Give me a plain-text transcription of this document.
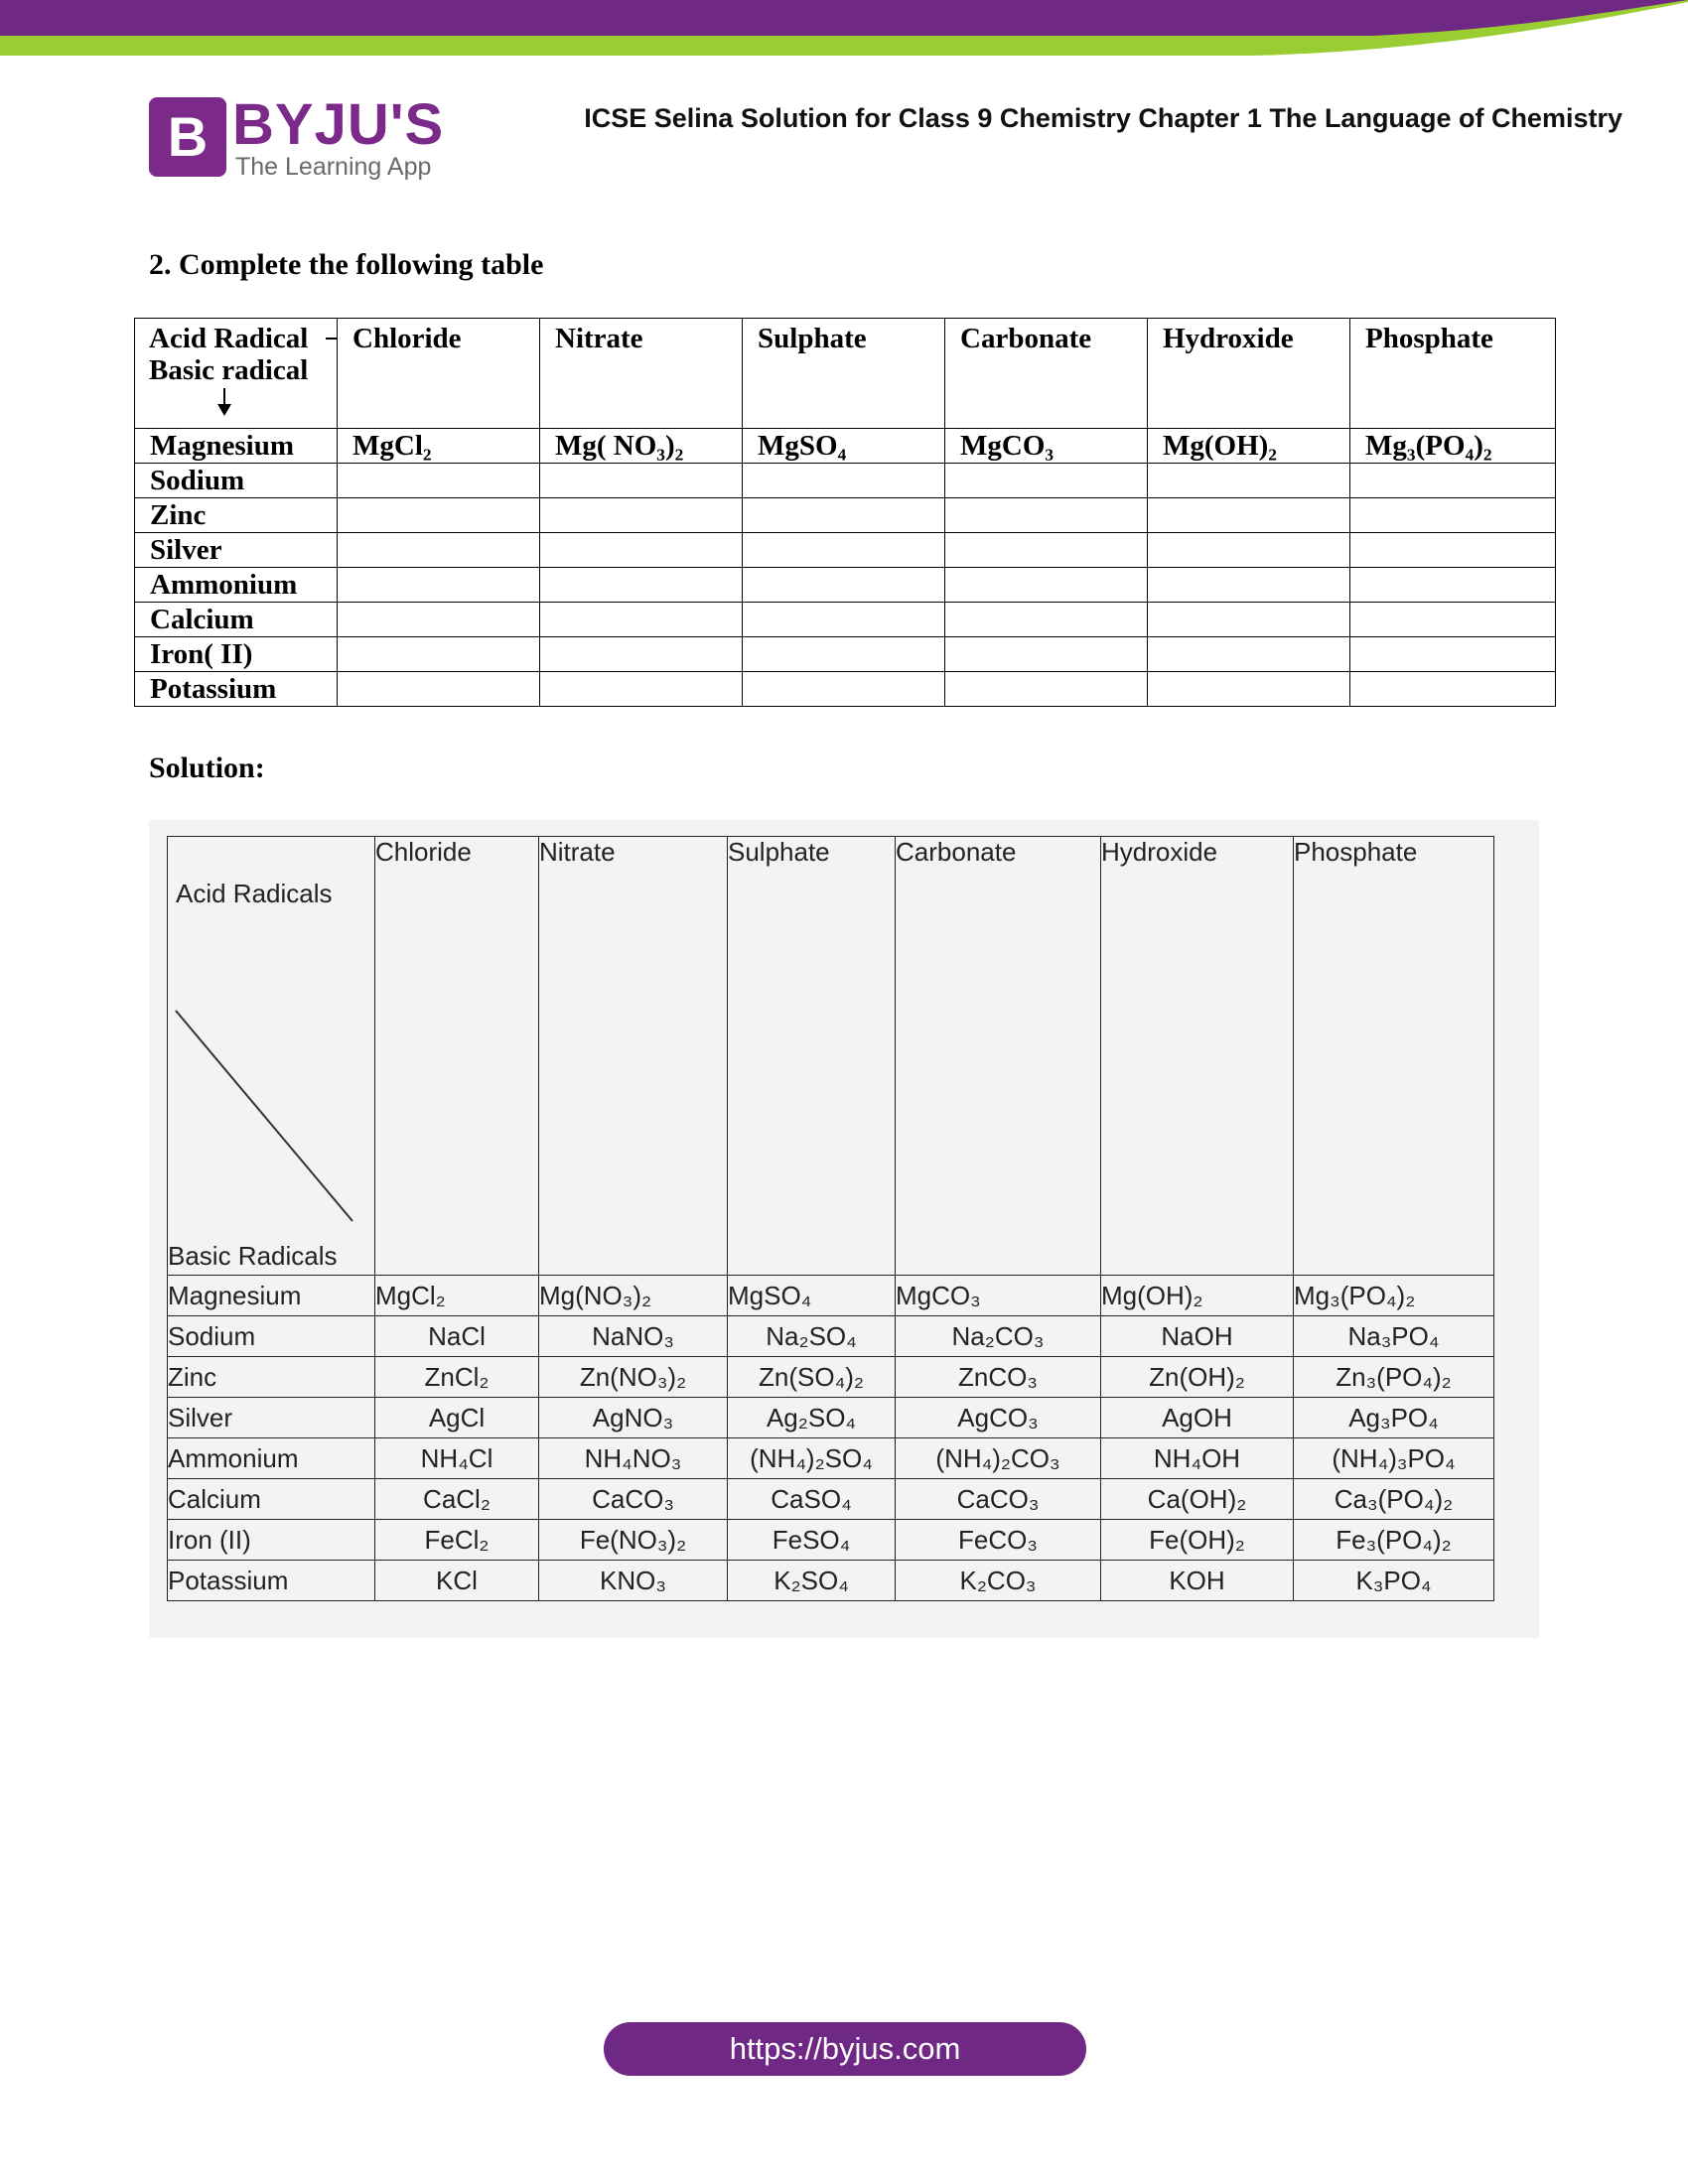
B BYJU'S
The Learning App
ICSE Selina Solution for Class 9 Chemistry Chapter 1 The Language of Chemistry
2. Complete the following table
Acid Radical
Basic radical	Chloride	Nitrate	Sulphate	Carbonate	Hydroxide	Phosphate
Magnesium	MgCl₂	Mg( NO₃)₂	MgSO₄	MgCO₃	Mg(OH)₂	Mg₃(PO₄)₂
Sodium						
Zinc						
Silver						
Ammonium						
Calcium						
Iron( II)						
Potassium						
Solution:
Acid Radicals
Basic Radicals	Chloride	Nitrate	Sulphate	Carbonate	Hydroxide	Phosphate
Magnesium	MgCl₂	Mg(NO₃)₂	MgSO₄	MgCO₃	Mg(OH)₂	Mg₃(PO₄)₂
Sodium	NaCl	NaNO₃	Na₂SO₄	Na₂CO₃	NaOH	Na₃PO₄
Zinc	ZnCl₂	Zn(NO₃)₂	Zn(SO₄)₂	ZnCO₃	Zn(OH)₂	Zn₃(PO₄)₂
Silver	AgCl	AgNO₃	Ag₂SO₄	AgCO₃	AgOH	Ag₃PO₄
Ammonium	NH₄Cl	NH₄NO₃	(NH₄)₂SO₄	(NH₄)₂CO₃	NH₄OH	(NH₄)₃PO₄
Calcium	CaCl₂	CaCO₃	CaSO₄	CaCO₃	Ca(OH)₂	Ca₃(PO₄)₂
Iron (II)	FeCl₂	Fe(NO₃)₂	FeSO₄	FeCO₃	Fe(OH)₂	Fe₃(PO₄)₂
Potassium	KCl	KNO₃	K₂SO₄	K₂CO₃	KOH	K₃PO₄
https://byjus.com
